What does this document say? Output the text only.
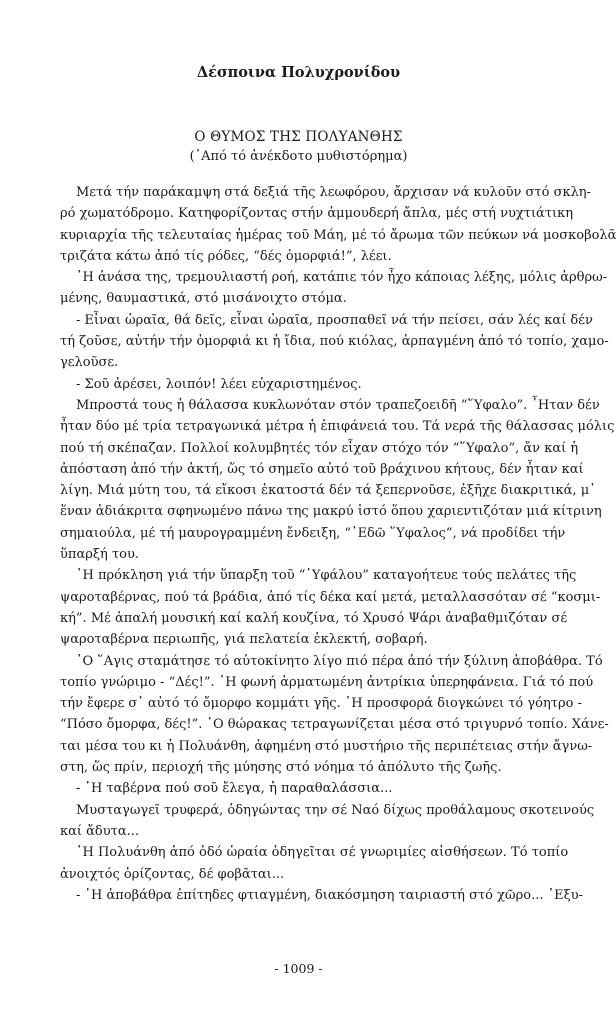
Δέσποινα Πολυχρονίδου
Ο ΘΥΜΟΣ ΤΗΣ ΠΟΛΥΑΝΘΗΣ
(᾿Από τό ἀνέκδοτο μυθιστόρημα)
Μετά τήν παράκαμψη στά δεξιά τῆς λεωφόρου, ἄρχισαν νά κυλοῦν στό σκλη-
ρό χωματόδρομο. Κατηφορίζοντας στήν ἀμμουδερή ἄπλα, μές στή νυχτιάτικη
κυριαρχία τῆς τελευταίας ἡμέρας τοῦ Μάη, μέ τό ἄρωμα τῶν πεύκων νά μοσκοβολᾶ
τριζάτα κάτω ἀπό τίς ρόδες, “δές ὀμορφιά!”, λέει.
῾Η ἀνάσα της, τρεμουλιαστή ροή, κατάπιε τόν ἦχο κάποιας λέξης, μόλις ἀρθρω-
μένης, θαυμαστικά, στό μισάνοιχτο στόμα.
- Εἶναι ὡραῖα, θά δεῖς, εἶναι ὡραῖα, προσπαθεῖ νά τήν πείσει, σάν λές καί δέν
τή ζοῦσε, αὐτήν τήν ὀμορφιά κι ἡ ἴδια, πού κιόλας, ἁρπαγμένη ἀπό τό τοπίο, χαμο-
γελοῦσε.
- Σοῦ ἀρέσει, λοιπόν! λέει εὐχαριστημένος.
Μπροστά τους ἡ θάλασσα κυκλωνόταν στόν τραπεζοειδῆ “῞Υφαλο”. ῏Ηταν δέν
ἦταν δύο μέ τρία τετραγωνικά μέτρα ἡ ἐπιφάνειά του. Τά νερά τῆς θάλασσας μόλις
πού τή σκέπαζαν. Πολλοί κολυμβητές τόν εἶχαν στόχο τόν “῞Υφαλο”, ἄν καί ἡ
ἀπόσταση ἀπό τήν ἀκτή, ὥς τό σημεῖο αὐτό τοῦ βράχινου κήτους, δέν ἦταν καί
λίγη. Μιά μύτη του, τά εἴκοσι ἑκατοστά δέν τά ξεπερνοῦσε, ἐξῆχε διακριτικά, μ᾿
ἕναν ἀδιάκριτα σφηνωμένο πάνω της μακρύ ἱστό ὅπου χαριεντιζόταν μιά κίτρινη
σημαιούλα, μέ τή μαυρογραμμένη ἔνδειξη, “᾿Εδῶ ῞Υφαλος”, νά προδίδει τήν
ὕπαρξή του.
῾Η πρόκληση γιά τήν ὕπαρξη τοῦ “῾Υφάλου” καταγοήτευε τούς πελάτες τῆς
ψαροταβέρνας, πού τά βράδια, ἀπό τίς δέκα καί μετά, μεταλλασσόταν σέ “κοσμι-
κή”. Μέ ἁπαλή μουσική καί καλή κουζίνα, τό Χρυσό Ψάρι ἀναβαθμιζόταν σέ
ψαροταβέρνα περιωπῆς, γιά πελατεία ἐκλεκτή, σοβαρή.
῾Ο ῞Αγις σταμάτησε τό αὐτοκίνητο λίγο πιό πέρα ἀπό τήν ξύλινη ἀποβάθρα. Τό
τοπίο γνώριμο - “Δές!”. ῾Η φωνή ἁρματωμένη ἀντρίκια ὑπερηφάνεια. Γιά τό πού
τήν ἔφερε σ᾿ αὐτό τό ὄμορφο κομμάτι γῆς. ῾Η προσφορά διογκώνει τό γόητρο -
“Πόσο ὄμορφα, δές!”. ῾Ο θώρακας τετραγωνίζεται μέσα στό τριγυρνό τοπίο. Χάνε-
ται μέσα του κι ἡ Πολυάνθη, ἀφημένη στό μυστήριο τῆς περιπέτειας στήν ἄγνω-
στη, ὥς πρίν, περιοχή τῆς μύησης στό νόημα τό ἀπόλυτο τῆς ζωῆς.
- ῾Η ταβέρνα πού σοῦ ἔλεγα, ἡ παραθαλάσσια...
Μυσταγωγεῖ τρυφερά, ὁδηγώντας την σέ Ναό δίχως προθάλαμους σκοτεινούς
καί ἄδυτα...
῾Η Πολυάνθη ἀπό ὁδό ὡραία ὁδηγεῖται σέ γνωριμίες αἰσθήσεων. Τό τοπίο
ἀνοιχτός ὁρίζοντας, δέ φοβᾶται...
- ῾Η ἀποβάθρα ἐπίτηδες φτιαγμένη, διακόσμηση ταιριαστή στό χῶρο... ᾿Εξυ-
- 1009 -
